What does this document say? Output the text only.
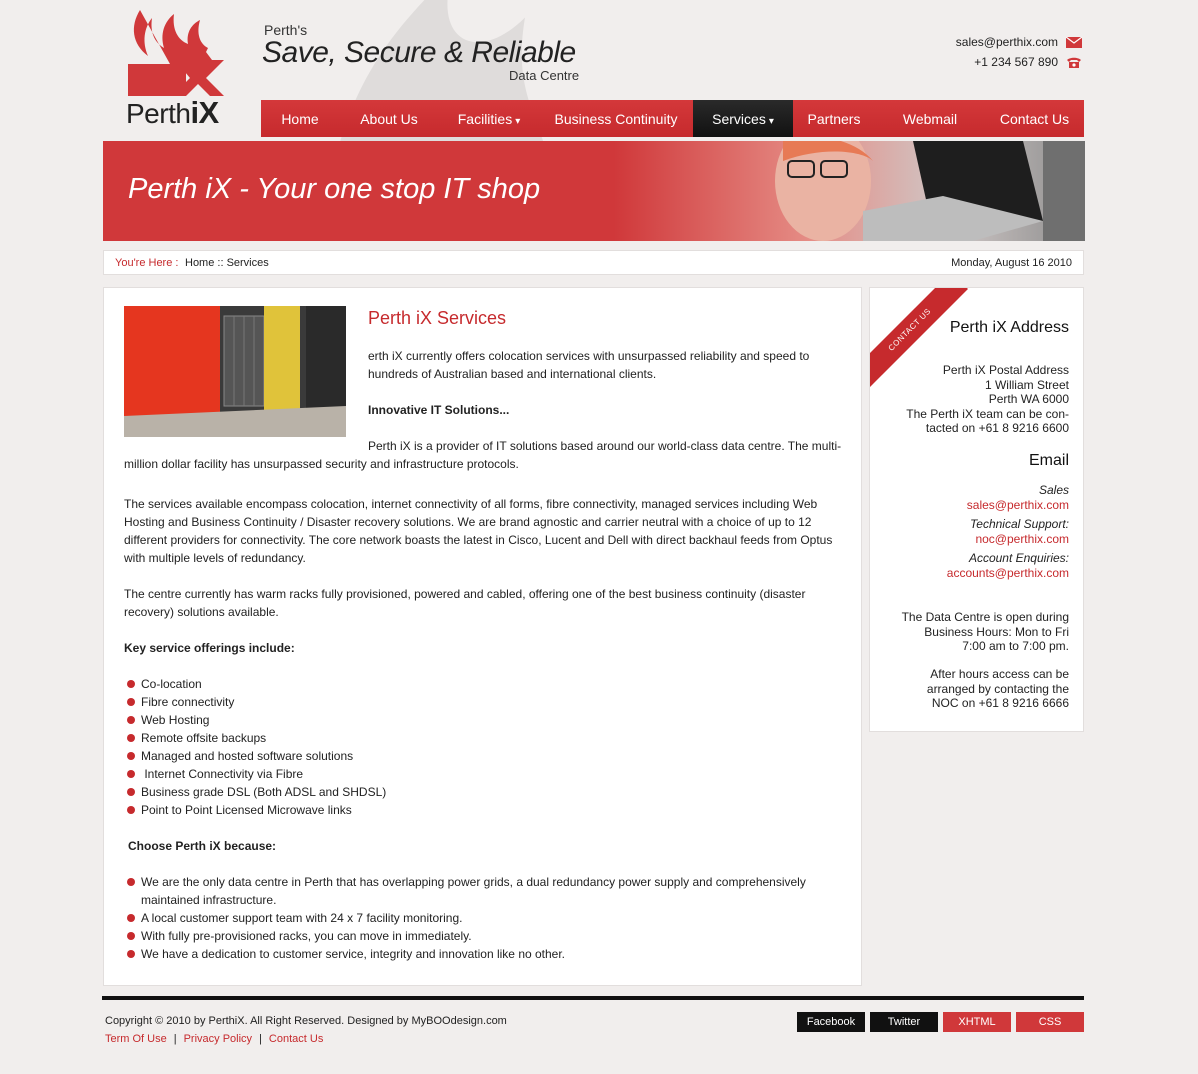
PerthiX
Perth's
Save, Secure & Reliable
Data Centre
sales@perthix.com
+1 234 567 890
Home	About Us	Facilities ▾	Business Continuity	Services ▾	Partners	Webmail	Contact Us
Perth iX - Your one stop IT shop
You're Here : Home :: Services	Monday, August 16 2010
Perth iX Services
erth iX currently offers colocation services with unsurpassed reliability and speed to hundreds of Australian based and international clients.
Innovative IT Solutions...
Perth iX is a provider of IT solutions based around our world-class data centre. The multi-million dollar facility has unsurpassed security and infrastructure protocols.
The services available encompass colocation, internet connectivity of all forms, fibre connectivity, managed services including Web Hosting and Business Continuity / Disaster recovery solutions. We are brand agnostic and carrier neutral with a choice of up to 12 different providers for connectivity. The core network boasts the latest in Cisco, Lucent and Dell with direct backhaul feeds from Optus with multiple levels of redundancy.
The centre currently has warm racks fully provisioned, powered and cabled, offering one of the best business continuity (disaster recovery) solutions available.
Key service offerings include:
Co-location
Fibre connectivity
Web Hosting
Remote offsite backups
Managed and hosted software solutions
Internet Connectivity via Fibre
Business grade DSL (Both ADSL and SHDSL)
Point to Point Licensed Microwave links
Choose Perth iX because:
We are the only data centre in Perth that has overlapping power grids, a dual redundancy power supply and comprehensively maintained infrastructure.
A local customer support team with 24 x 7 facility monitoring.
With fully pre-provisioned racks, you can move in immediately.
We have a dedication to customer service, integrity and innovation like no other.
CONTACT US	Perth iX Address
Perth iX Postal Address
1 William Street
Perth WA 6000
The Perth iX team can be con-
tacted on +61 8 9216 6600
Email
Sales
sales@perthix.com
Technical Support:
noc@perthix.com
Account Enquiries:
accounts@perthix.com
The Data Centre is open during
Business Hours: Mon to Fri
7:00 am to 7:00 pm.
After hours access can be
arranged by contacting the
NOC on +61 8 9216 6666
Copyright © 2010 by PerthiX. All Right Reserved. Designed by MyBOOdesign.com
Term Of Use | Privacy Policy | Contact Us
Facebook	Twitter	XHTML	CSS
